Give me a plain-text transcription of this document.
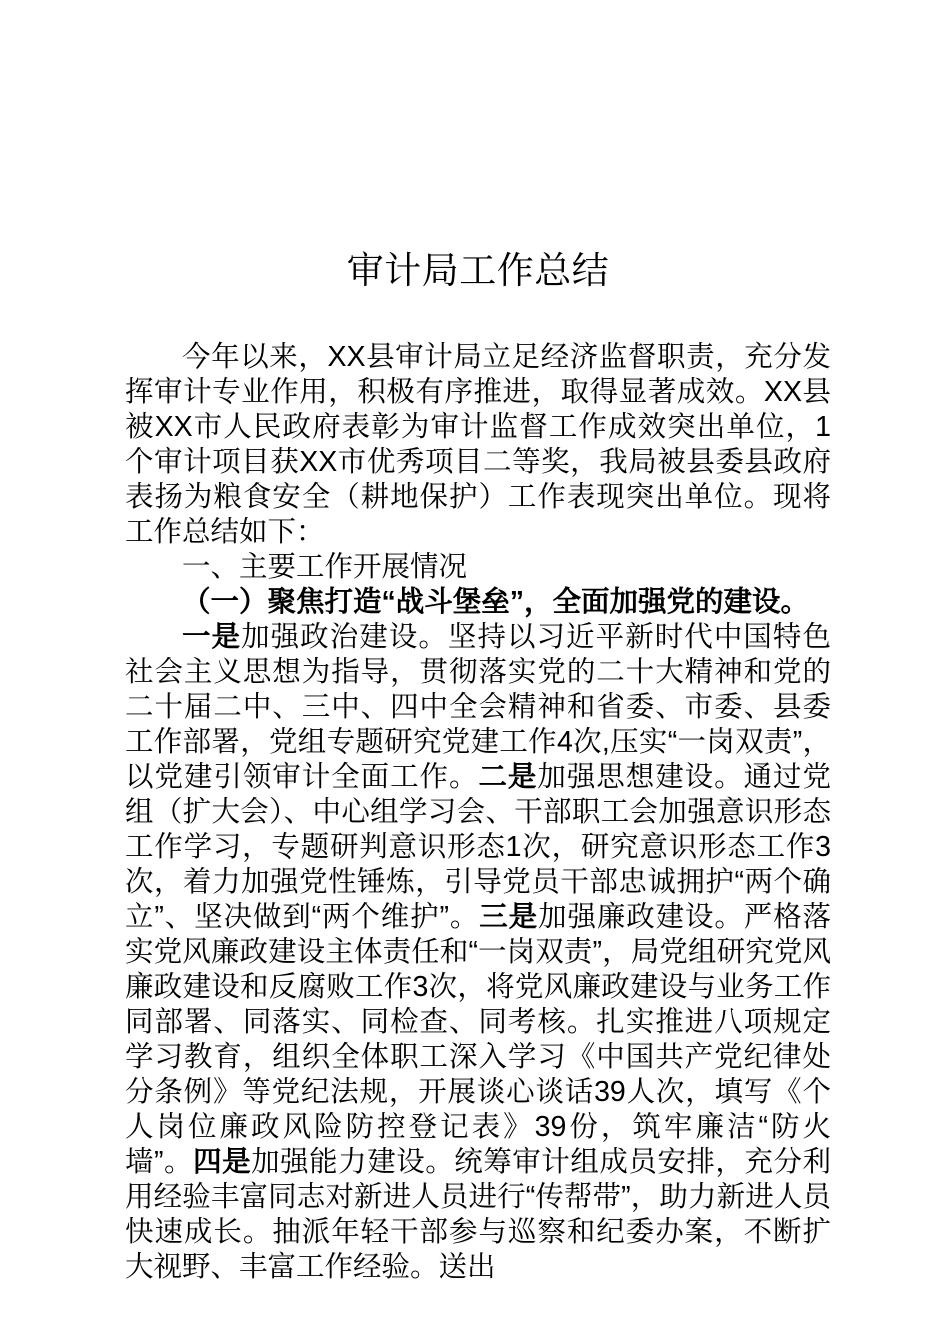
审计局工作总结

今年以来，XX县审计局立足经济监督职责，充分发挥审计专业作用，积极有序推进，取得显著成效。XX县被XX市人民政府表彰为审计监督工作成效突出单位，1个审计项目获XX市优秀项目二等奖，我局被县委县政府表扬为粮食安全（耕地保护）工作表现突出单位。现将工作总结如下：

一、主要工作开展情况

（一）聚焦打造“战斗堡垒”，全面加强党的建设。

一是加强政治建设。坚持以习近平新时代中国特色社会主义思想为指导，贯彻落实党的二十大精神和党的二十届二中、三中、四中全会精神和省委、市委、县委工作部署，党组专题研究党建工作4次,压实“一岗双责”，以党建引领审计全面工作。二是加强思想建设。通过党组（扩大会）、中心组学习会、干部职工会加强意识形态工作学习，专题研判意识形态1次，研究意识形态工作3次，着力加强党性锤炼，引导党员干部忠诚拥护“两个确立”、坚决做到“两个维护”。三是加强廉政建设。严格落实党风廉政建设主体责任和“一岗双责”，局党组研究党风廉政建设和反腐败工作3次，将党风廉政建设与业务工作同部署、同落实、同检查、同考核。扎实推进八项规定学习教育，组织全体职工深入学习《中国共产党纪律处分条例》等党纪法规，开展谈心谈话39人次，填写《个人岗位廉政风险防控登记表》39份，筑牢廉洁“防火墙”。四是加强能力建设。统筹审计组成员安排，充分利用经验丰富同志对新进人员进行“传帮带”，助力新进人员快速成长。抽派年轻干部参与巡察和纪委办案，不断扩大视野、丰富工作经验。送出
